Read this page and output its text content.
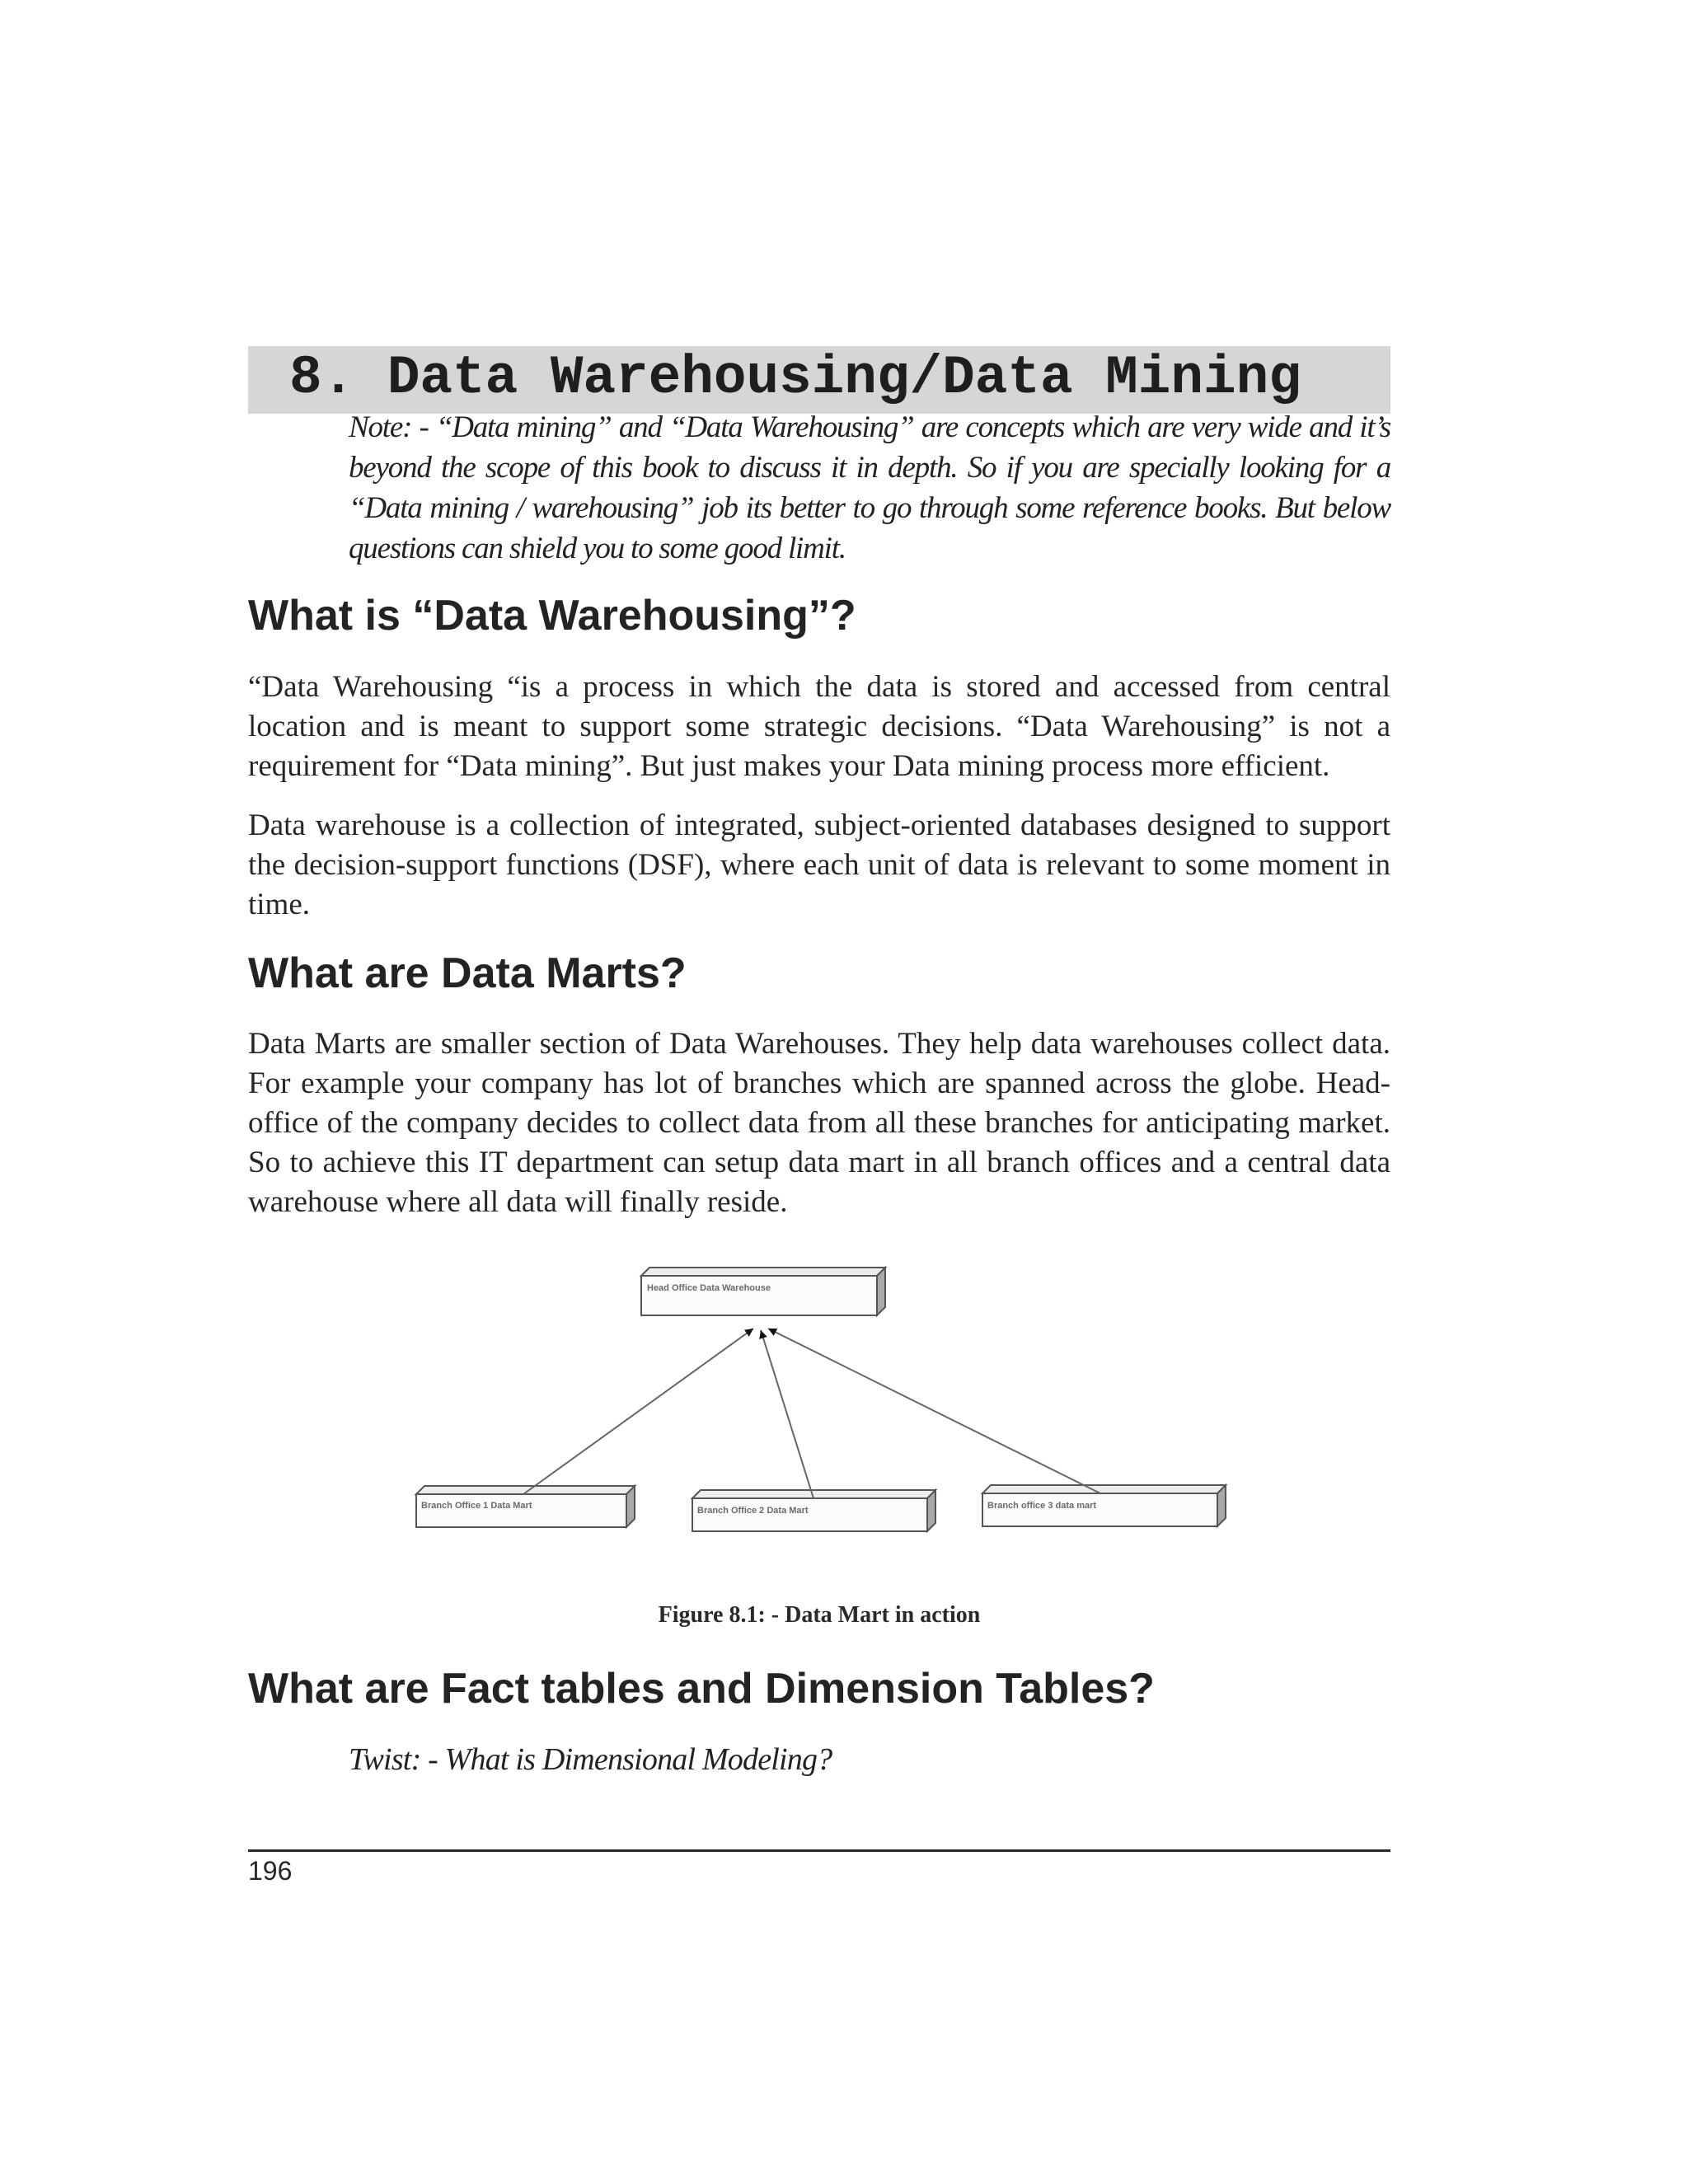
8. Data Warehousing/Data Mining

Note: - “Data mining” and “Data Warehousing” are concepts which are very wide and it’s beyond the scope of this book to discuss it in depth. So if you are specially looking for a “Data mining / warehousing” job its better to go through some reference books. But below questions can shield you to some good limit.

What is “Data Warehousing”?

“Data Warehousing “is a process in which the data is stored and accessed from central location and is meant to support some strategic decisions. “Data Warehousing” is not a requirement for “Data mining”. But just makes your Data mining process more efficient.

Data warehouse is a collection of integrated, subject-oriented databases designed to support the decision-support functions (DSF), where each unit of data is relevant to some moment in time.

What are Data Marts?

Data Marts are smaller section of Data Warehouses. They help data warehouses collect data. For example your company has lot of branches which are spanned across the globe. Head-office of the company decides to collect data from all these branches for anticipating market. So to achieve this IT department can setup data mart in all branch offices and a central data warehouse where all data will finally reside.

Head Office Data Warehouse
Branch Office 1 Data Mart	Branch Office 2 Data Mart	Branch office 3 data mart

Figure 8.1: - Data Mart in action

What are Fact tables and Dimension Tables?

Twist: - What is Dimensional Modeling?

196
